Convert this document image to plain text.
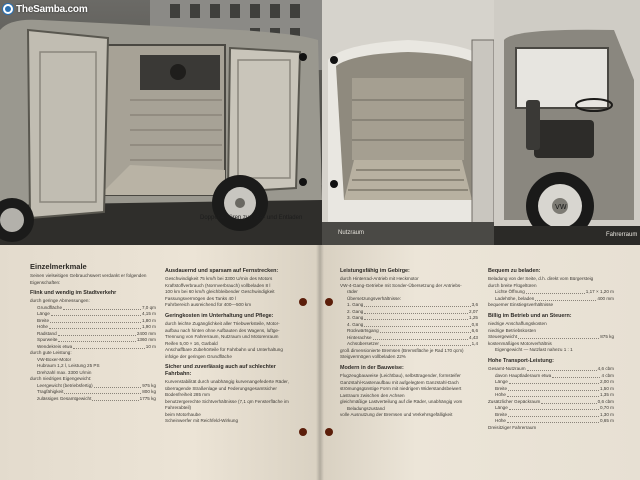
Doppelte Türen zum Be- und Entladen
Nutzraum
VW
Fahrerraum
Einzelmerkmale
Seinen vielseitigen Gebrauchswert verdankt er folgenden
Eigenschaften:
Flink und wendig im Stadtverkehr
durch geringe Abmessungen:
Grundfläche	7,0 qm
Länge	4,15 m
Breite	1,80 m
Höhe	1,90 m
Radstand	2400 mm
Spurweite	1360 mm
Wendekreis etwa	10 m
durch gute Leistung:
VW-Boxer-Motor
Hubraum 1,2 l, Leistung 25 PS
Drehzahl max. 3300 U/min
durch niedriges Eigengewicht:
Leergewicht (betriebsfertig)	975 kg
Tragfähigkeit	800 kg
zulässiges Gesamtgewicht	1775 kg
Ausdauernd und sparsam auf Fernstrecken:
Geschwindigkeit 75 km/h bei 3300 U/min des Motors
Kraftstoffverbrauch (Normverbrauch) vollbeladen 8 l
100 km bei 60 km/h gleichbleibender Geschwindigkeit
Fassungsvermögen des Tanks 40 l
Fahrbereich ausreichend für 400—500 km
Geringkosten im Unterhaltung und Pflege:
durch leichte Zugänglichkeit aller Triebwerksteile, Motor-
aufbau nach hinten ohne Aufbauten des Wagens, luftge-
Trennung von Fahrerraum, Nutzraum und Motorenraum
Reifen 5,00 × 16, Garbald
Anschaffbare Zubehörteile für Fahrbahn und Unterhaltung
infolge der geringen Grundfläche
Sicher und zuverlässig auch auf schlechter Fahrbahn:
Kurvenstabilität durch unabhängig kurvenangefederte Räder,
überragende Straßenlage und Federungsgesamtsicher
Bodenfreiheit 285 mm
benutzergerechte Sichtverhältnisse (7,1 qm Fensterfläche im
Fahrerabteil)
beim Motorhaube
Scheinwerfer mit Reichfeld-Wirkung
Leistungsfähig im Gebirge:
durch Hinterrad-Antrieb mit Heckmotor
VW-4-Gang-Getriebe mit Sonder-Übersetzung der Antriebs-
räder
Übersetzungsverhältnisse:
1. Gang	3,6
2. Gang	2,07
3. Gang	1,25
4. Gang	0,8
Rückwärtsgang	6,6
Hinterachse	4,43
Achsübersetzer	1,4
groß dimensionierte Bremsen (Bremsfläche je Rad 170 qcm)
Steigvermögen vollbeladen 22%
Modern in der Bauweise:
Flugzeugbauweise (Leichtbau), selbsttragender, formsteifer
Ganzstahl-Kastenaufbau mit aufgelegtem Ganzstahl-Dach
strömungsgünstige Form mit niedrigem Widerstandsbeiwert
Lastraum zwischen den Achsen
gleichmäßige Lastverteilung auf die Räder, unabhängig vom
Beladungszustand
volle Ausnutzung der Bremsen und Verkehrsgefälligkeit
Bequem zu beladen:
Beladung von der Seite, d.h. direkt vom Bürgersteig
durch breite Flügeltüren
Lichte Öffnung	1,17 × 1,20 m
Ladehöhe, beladen	400 mm
bequemer Einstiegsverhältnisse
Billig im Betrieb und an Steuern:
niedrige Anschaffungskosten
niedrige Betriebskosten
Steuergewicht	875 kg
kostenmäßiges Motorverhältnis
Eigengewicht — Nutzlast nahezu 1 : 1
Hohe Transport-Leistung:
Gesamt-Nutzraum	4,6 cbm
davon Hauptladeraum etwa	4 cbm
Länge	2,00 m
Breite	1,50 m
Höhe	1,35 m
Zusätzlicher Gepäckraum	0,6 cbm
Länge	0,70 m
Breite	1,30 m
Höhe	0,65 m
Dreisitziger Fahrerraum
TheSamba.com
